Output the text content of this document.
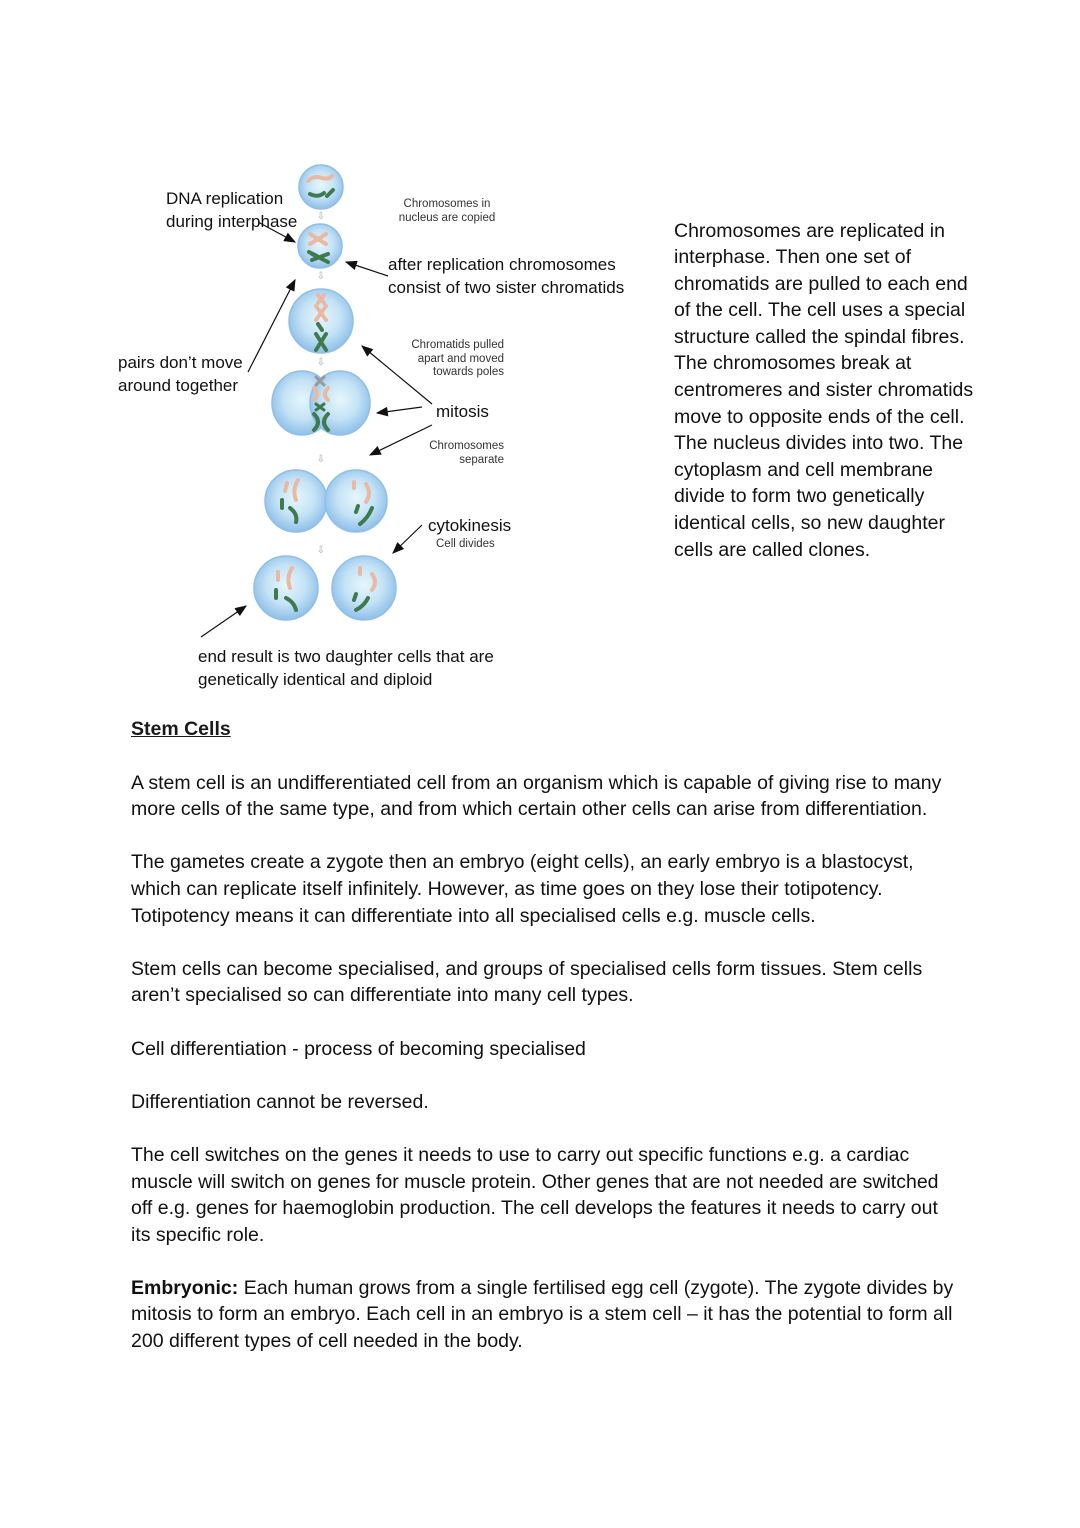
⇩
⇩
⇩
⇩
⇩
DNA replication
during interphase
Chromosomes in
nucleus are copied
after replication chromosomes
consist of two sister chromatids
Chromatids pulled
apart and moved
towards poles
pairs don’t move
around together
mitosis
Chromosomes
separate
cytokinesis
Cell divides
end result is two daughter cells that are
genetically identical and diploid

Chromosomes are replicated in interphase. Then one set of chromatids are pulled to each end of the cell. The cell uses a special structure called the spindal fibres. The chromosomes break at centromeres and sister chromatids move to opposite ends of the cell. The nucleus divides into two. The cytoplasm and cell membrane divide to form two genetically identical cells, so new daughter cells are called clones.

Stem Cells

A stem cell is an undifferentiated cell from an organism which is capable of giving rise to many more cells of the same type, and from which certain other cells can arise from differentiation.

The gametes create a zygote then an embryo (eight cells), an early embryo is a blastocyst, which can replicate itself infinitely. However, as time goes on they lose their totipotency. Totipotency means it can differentiate into all specialised cells e.g. muscle cells.

Stem cells can become specialised, and groups of specialised cells form tissues. Stem cells aren’t specialised so can differentiate into many cell types.

Cell differentiation - process of becoming specialised

Differentiation cannot be reversed.

The cell switches on the genes it needs to use to carry out specific functions e.g. a cardiac muscle will switch on genes for muscle protein. Other genes that are not needed are switched off e.g. genes for haemoglobin production. The cell develops the features it needs to carry out its specific role.

Embryonic: Each human grows from a single fertilised egg cell (zygote). The zygote divides by mitosis to form an embryo. Each cell in an embryo is a stem cell – it has the potential to form all 200 different types of cell needed in the body.
